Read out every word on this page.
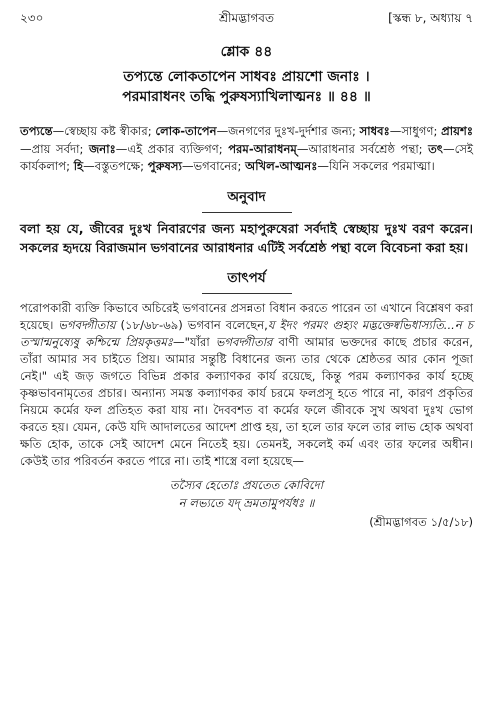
২৩০	শ্রীমদ্ভাগবত	[স্কন্ধ ৮, অধ্যায় ৭
শ্লোক ৪৪
তপ্যন্তে লোকতাপেন সাধবঃ প্রায়শো জনাঃ ।
পরমারাধনং তদ্ধি পুরুষস্যাখিলাত্মনঃ ॥ ৪৪ ॥
তপ্যন্তে—স্বেচ্ছায় কষ্ট স্বীকার; লোক-তাপেন—জনগণের দুঃখ-দুর্দশার জন্য; সাধবঃ—সাধুগণ; প্রায়শঃ—প্রায় সর্বদা; জনাঃ—এই প্রকার ব্যক্তিগণ; পরম-আরাধনম্—আরাধনার সর্বশ্রেষ্ঠ পন্থা; তৎ—সেই কার্যকলাপ; হি—বস্তুতপক্ষে; পুরুষস্য—ভগবানের; অখিল-আত্মনঃ—যিনি সকলের পরমাত্মা।
অনুবাদ
বলা হয় যে, জীবের দুঃখ নিবারণের জন্য মহাপুরুষেরা সর্বদাই স্বেচ্ছায় দুঃখ বরণ করেন। সকলের হৃদয়ে বিরাজমান ভগবানের আরাধনার এটিই সর্বশ্রেষ্ঠ পন্থা বলে বিবেচনা করা হয়।
তাৎপর্য
পরোপকারী ব্যক্তি কিভাবে অচিরেই ভগবানের প্রসন্নতা বিধান করতে পারেন তা এখানে বিশ্লেষণ করা হয়েছে। ভগবদ্গীতায় (১৮/৬৮-৬৯) ভগবান বলেছেন,য ইদং পরমং গুহ্যং মদ্ভক্তেষ্বভিধাস্যতি...ন চ তস্মান্মনুষ্যেষু কশ্চিন্মে প্রিয়কৃত্তমঃ—"যাঁরা ভগবদ্গীতার বাণী আমার ভক্তদের কাছে প্রচার করেন, তাঁরা আমার সব চাইতে প্রিয়। আমার সন্তুষ্টি বিধানের জন্য তার থেকে শ্রেষ্ঠতর আর কোন পূজা নেই।" এই জড় জগতে বিভিন্ন প্রকার কল্যাণকর কার্য রয়েছে, কিন্তু পরম কল্যাণকর কার্য হচ্ছে কৃষ্ণভাবনামৃতের প্রচার। অন্যান্য সমস্ত কল্যাণকর কার্য চরমে ফলপ্রসূ হতে পারে না, কারণ প্রকৃতির নিয়মে কর্মের ফল প্রতিহত করা যায় না। দৈববশত বা কর্মের ফলে জীবকে সুখ অথবা দুঃখ ভোগ করতে হয়। যেমন, কেউ যদি আদালতের আদেশ প্রাপ্ত হয়, তা হলে তার ফলে তার লাভ হোক অথবা ক্ষতি হোক, তাকে সেই আদেশ মেনে নিতেই হয়। তেমনই, সকলেই কর্ম এবং তার ফলের অধীন। কেউই তার পরিবর্তন করতে পারে না। তাই শাস্ত্রে বলা হয়েছে—
তস্যৈব হেতোঃ প্রযতেত কোবিদো
ন লভ্যতে যদ্ ভ্রমতামুপর্যধঃ ॥
(শ্রীমদ্ভাগবত ১/৫/১৮)
